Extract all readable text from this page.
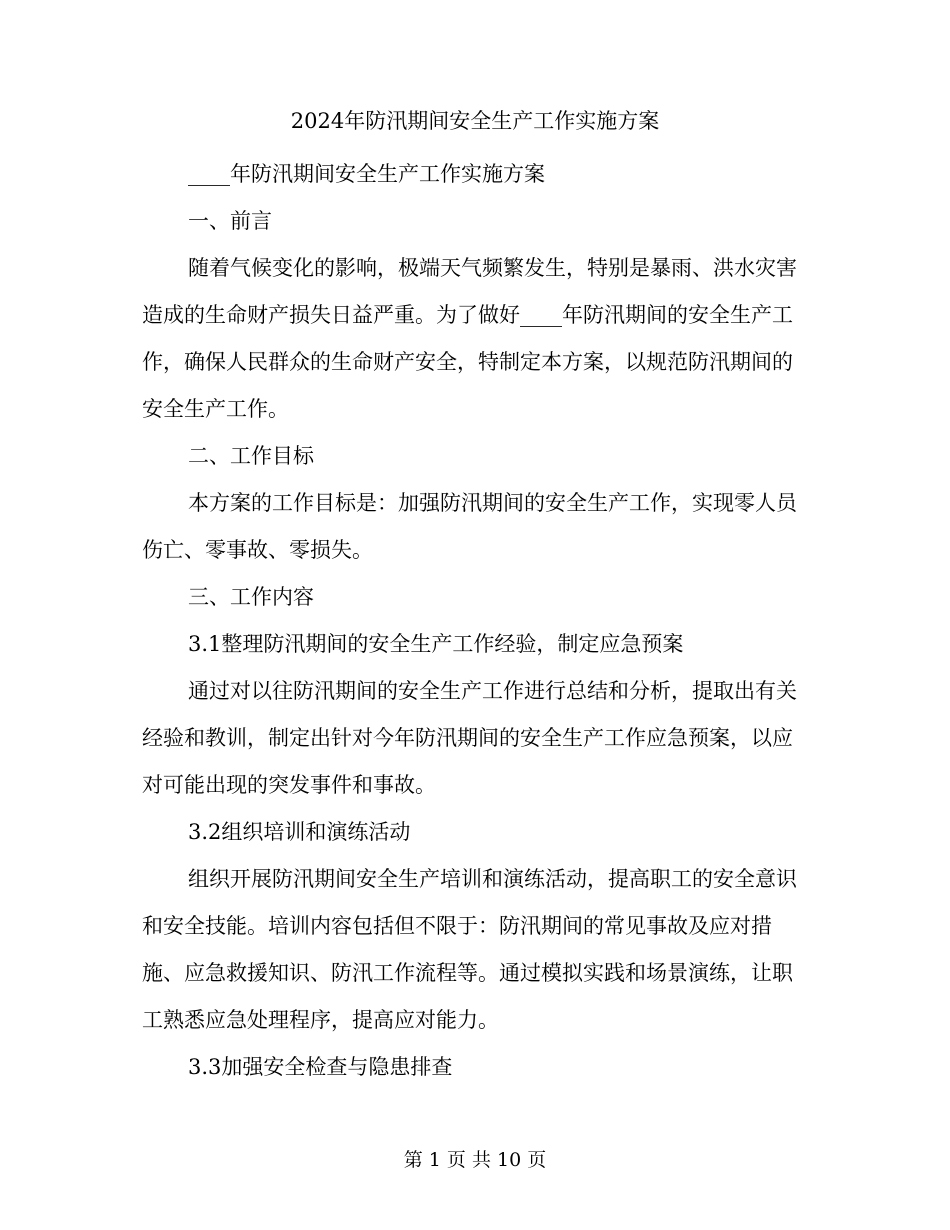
2024年防汛期间安全生产工作实施方案

____年防汛期间安全生产工作实施方案

一、前言

随着气候变化的影响，极端天气频繁发生，特别是暴雨、洪水灾害造成的生命财产损失日益严重。为了做好____年防汛期间的安全生产工作，确保人民群众的生命财产安全，特制定本方案，以规范防汛期间的安全生产工作。

二、工作目标

本方案的工作目标是：加强防汛期间的安全生产工作，实现零人员伤亡、零事故、零损失。

三、工作内容

3.1整理防汛期间的安全生产工作经验，制定应急预案

通过对以往防汛期间的安全生产工作进行总结和分析，提取出有关经验和教训，制定出针对今年防汛期间的安全生产工作应急预案，以应对可能出现的突发事件和事故。

3.2组织培训和演练活动

组织开展防汛期间安全生产培训和演练活动，提高职工的安全意识和安全技能。培训内容包括但不限于：防汛期间的常见事故及应对措施、应急救援知识、防汛工作流程等。通过模拟实践和场景演练，让职工熟悉应急处理程序，提高应对能力。

3.3加强安全检查与隐患排查

第 1 页 共 10 页
